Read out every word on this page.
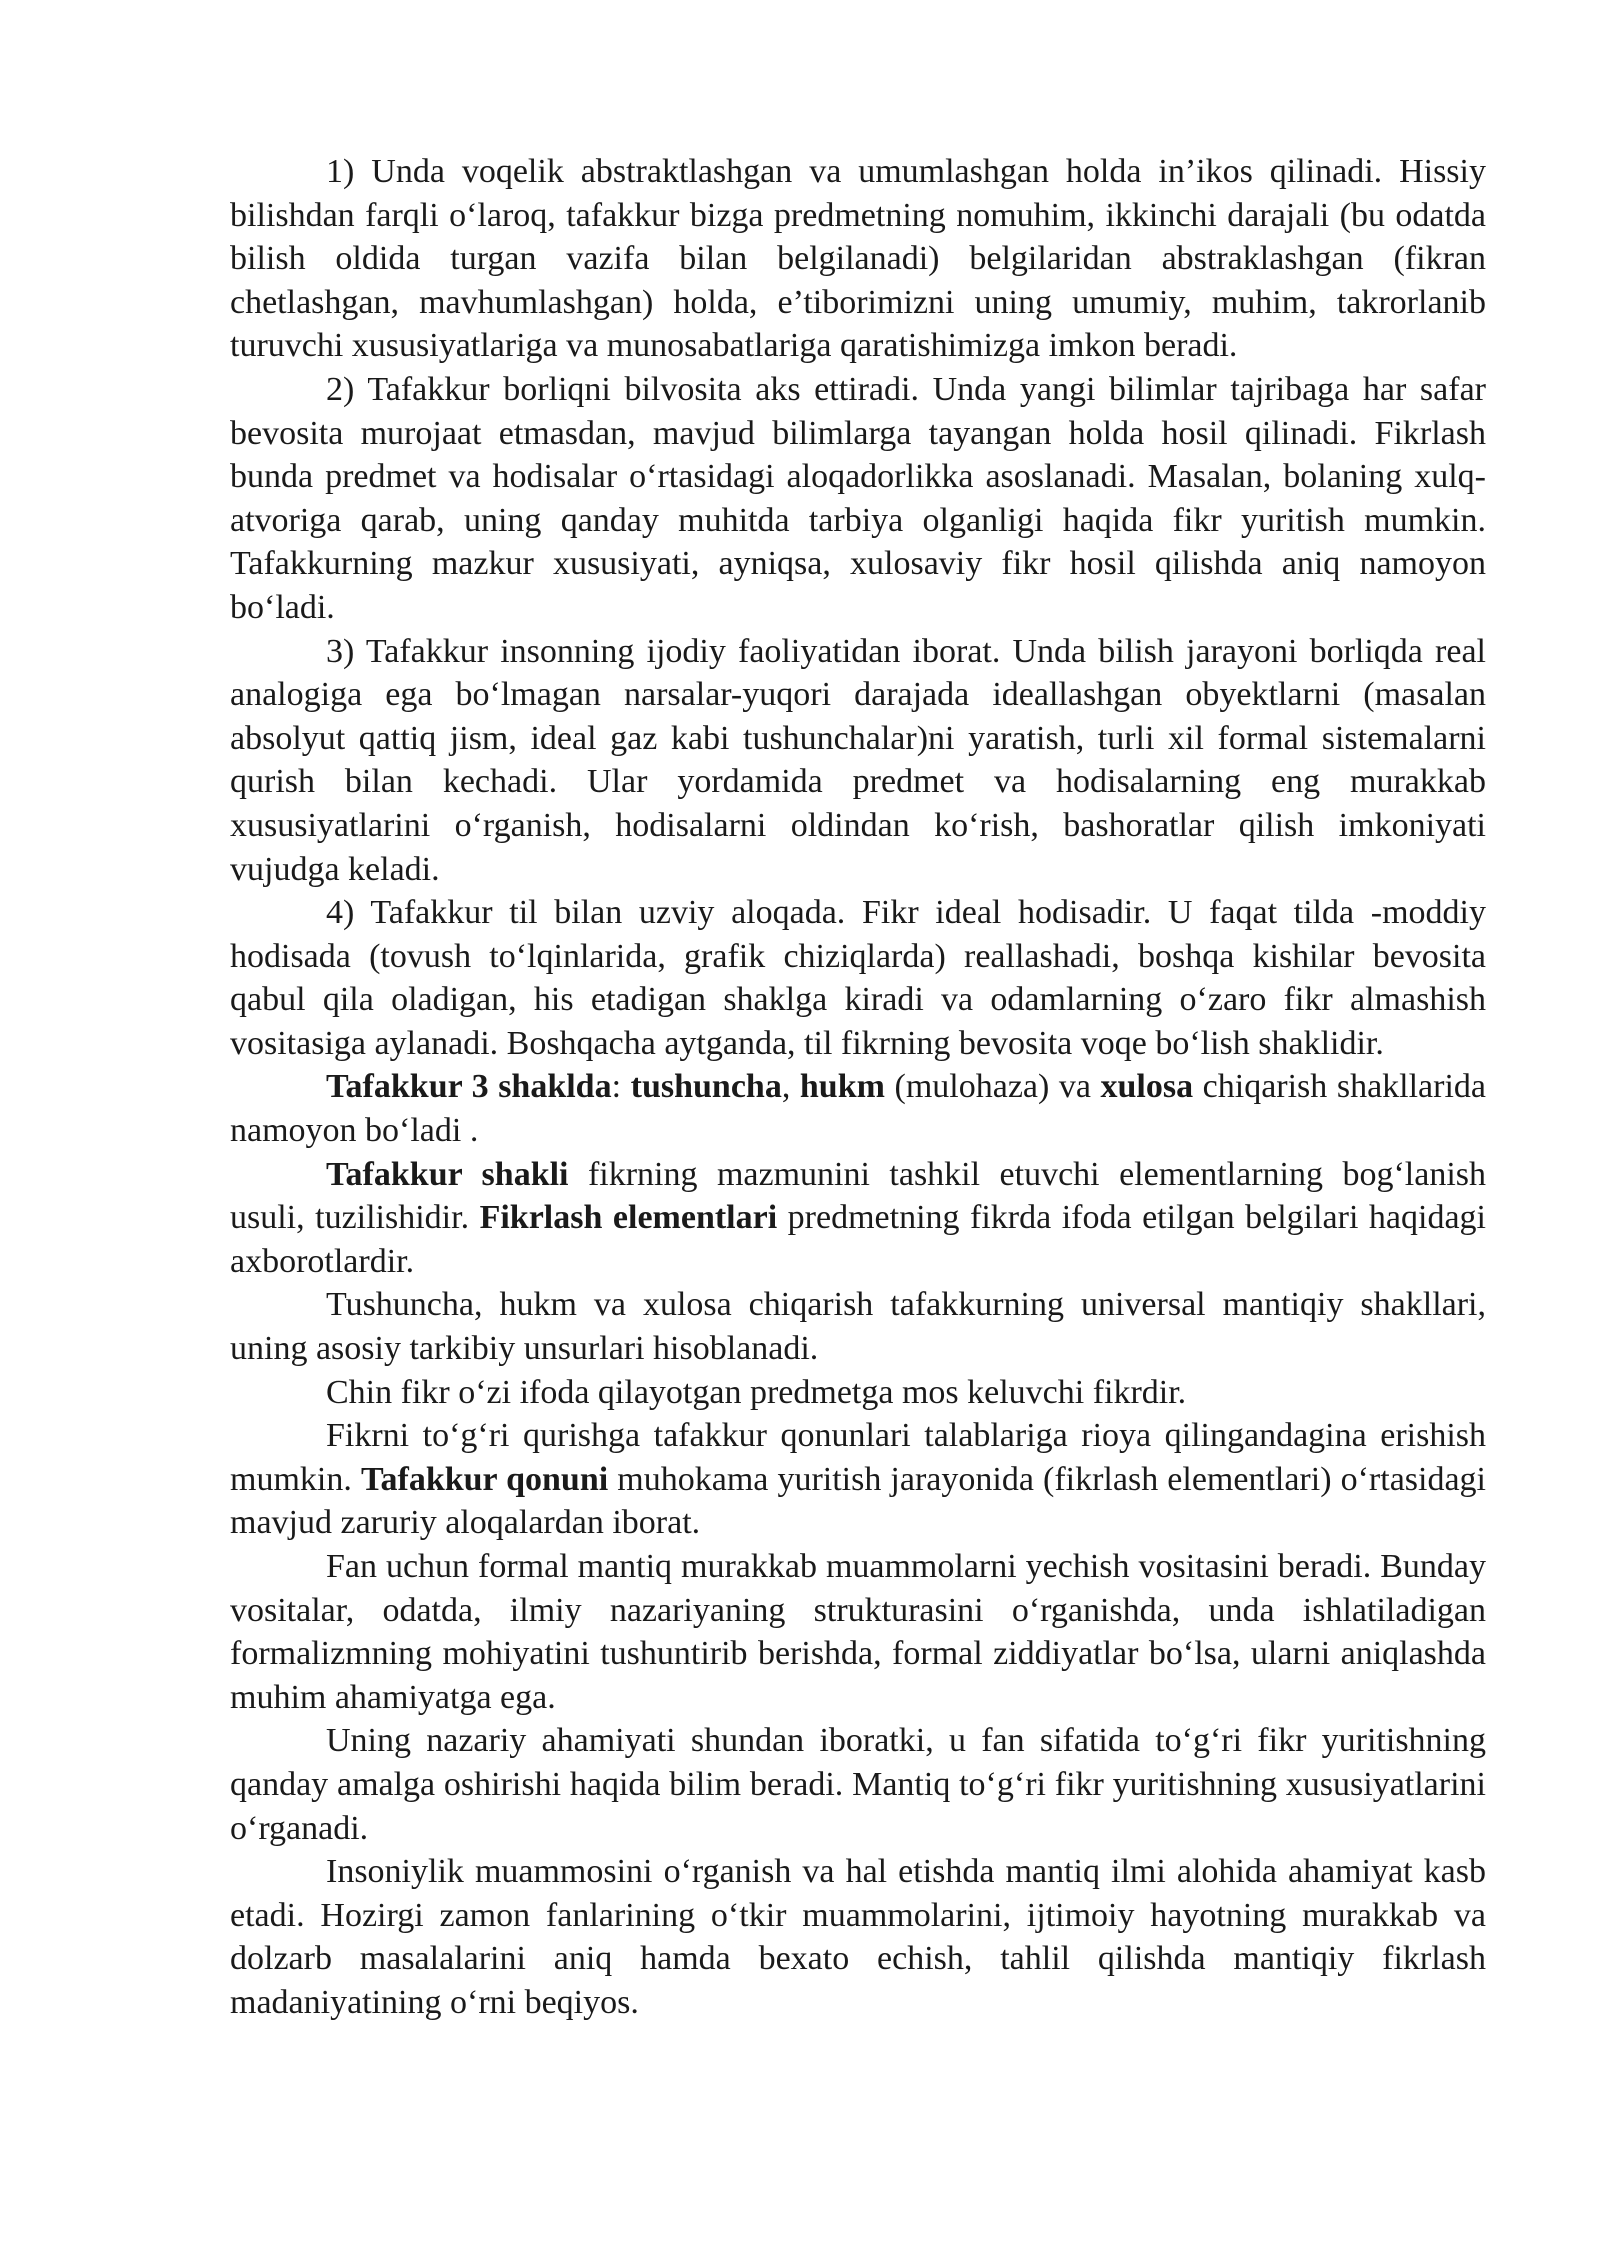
1) Unda voqelik abstraktlashgan va umumlashgan holda in’ikos qilinadi. Hissiy bilishdan farqli o‘laroq, tafakkur bizga predmetning nomuhim, ikkinchi darajali (bu odatda bilish oldida turgan vazifa bilan belgilanadi) belgilaridan abstraklashgan (fikran chetlashgan, mavhumlashgan) holda, e’tiborimizni uning umumiy, muhim, takrorlanib turuvchi xususiyatlariga va munosabatlariga qaratishimizga imkon beradi.

2) Tafakkur borliqni bilvosita aks ettiradi. Unda yangi bilimlar tajribaga har safar bevosita murojaat etmasdan, mavjud bilimlarga tayangan holda hosil qilinadi. Fikrlash bunda predmet va hodisalar o‘rtasidagi aloqadorlikka asoslanadi. Masalan, bolaning xulq-atvoriga qarab, uning qanday muhitda tarbiya olganligi haqida fikr yuritish mumkin. Tafakkurning mazkur xususiyati, ayniqsa, xulosaviy fikr hosil qilishda aniq namoyon bo‘ladi.

3) Tafakkur insonning ijodiy faoliyatidan iborat. Unda bilish jarayoni borliqda real analogiga ega bo‘lmagan narsalar-yuqori darajada ideallashgan obyektlarni (masalan absolyut qattiq jism, ideal gaz kabi tushunchalar)ni yaratish, turli xil formal sistemalarni qurish bilan kechadi. Ular yordamida predmet va hodisalarning eng murakkab xususiyatlarini o‘rganish, hodisalarni oldindan ko‘rish, bashoratlar qilish imkoniyati vujudga keladi.

4) Tafakkur til bilan uzviy aloqada. Fikr ideal hodisadir. U faqat tilda -moddiy hodisada (tovush to‘lqinlarida, grafik chiziqlarda) reallashadi, boshqa kishilar bevosita qabul qila oladigan, his etadigan shaklga kiradi va odamlarning o‘zaro fikr almashish vositasiga aylanadi. Boshqacha aytganda, til fikrning bevosita voqe bo‘lish shaklidir.

Tafakkur 3 shaklda: tushuncha, hukm (mulohaza) va xulosa chiqarish shakllarida namoyon bo‘ladi .

Tafakkur shakli fikrning mazmunini tashkil etuvchi elementlarning bog‘lanish usuli, tuzilishidir. Fikrlash elementlari predmetning fikrda ifoda etilgan belgilari haqidagi axborotlardir.

Tushuncha, hukm va xulosa chiqarish tafakkurning universal mantiqiy shakllari, uning asosiy tarkibiy unsurlari hisoblanadi.

Chin fikr o‘zi ifoda qilayotgan predmetga mos keluvchi fikrdir.

Fikrni to‘g‘ri qurishga tafakkur qonunlari talablariga rioya qilingandagina erishish mumkin. Tafakkur qonuni muhokama yuritish jarayonida (fikrlash elementlari) o‘rtasidagi mavjud zaruriy aloqalardan iborat.

Fan uchun formal mantiq murakkab muammolarni yechish vositasini beradi. Bunday vositalar, odatda, ilmiy nazariyaning strukturasini o‘rganishda, unda ishlatiladigan formalizmning mohiyatini tushuntirib berishda, formal ziddiyatlar bo‘lsa, ularni aniqlashda muhim ahamiyatga ega.

Uning nazariy ahamiyati shundan iboratki, u fan sifatida to‘g‘ri fikr yuritishning qanday amalga oshirishi haqida bilim beradi. Mantiq to‘g‘ri fikr yuritishning xususiyatlarini o‘rganadi.

Insoniylik muammosini o‘rganish va hal etishda mantiq ilmi alohida ahamiyat kasb etadi. Hozirgi zamon fanlarining o‘tkir muammolarini, ijtimoiy hayotning murakkab va dolzarb masalalarini aniq hamda bexato echish, tahlil qilishda mantiqiy fikrlash madaniyatining o‘rni beqiyos.
